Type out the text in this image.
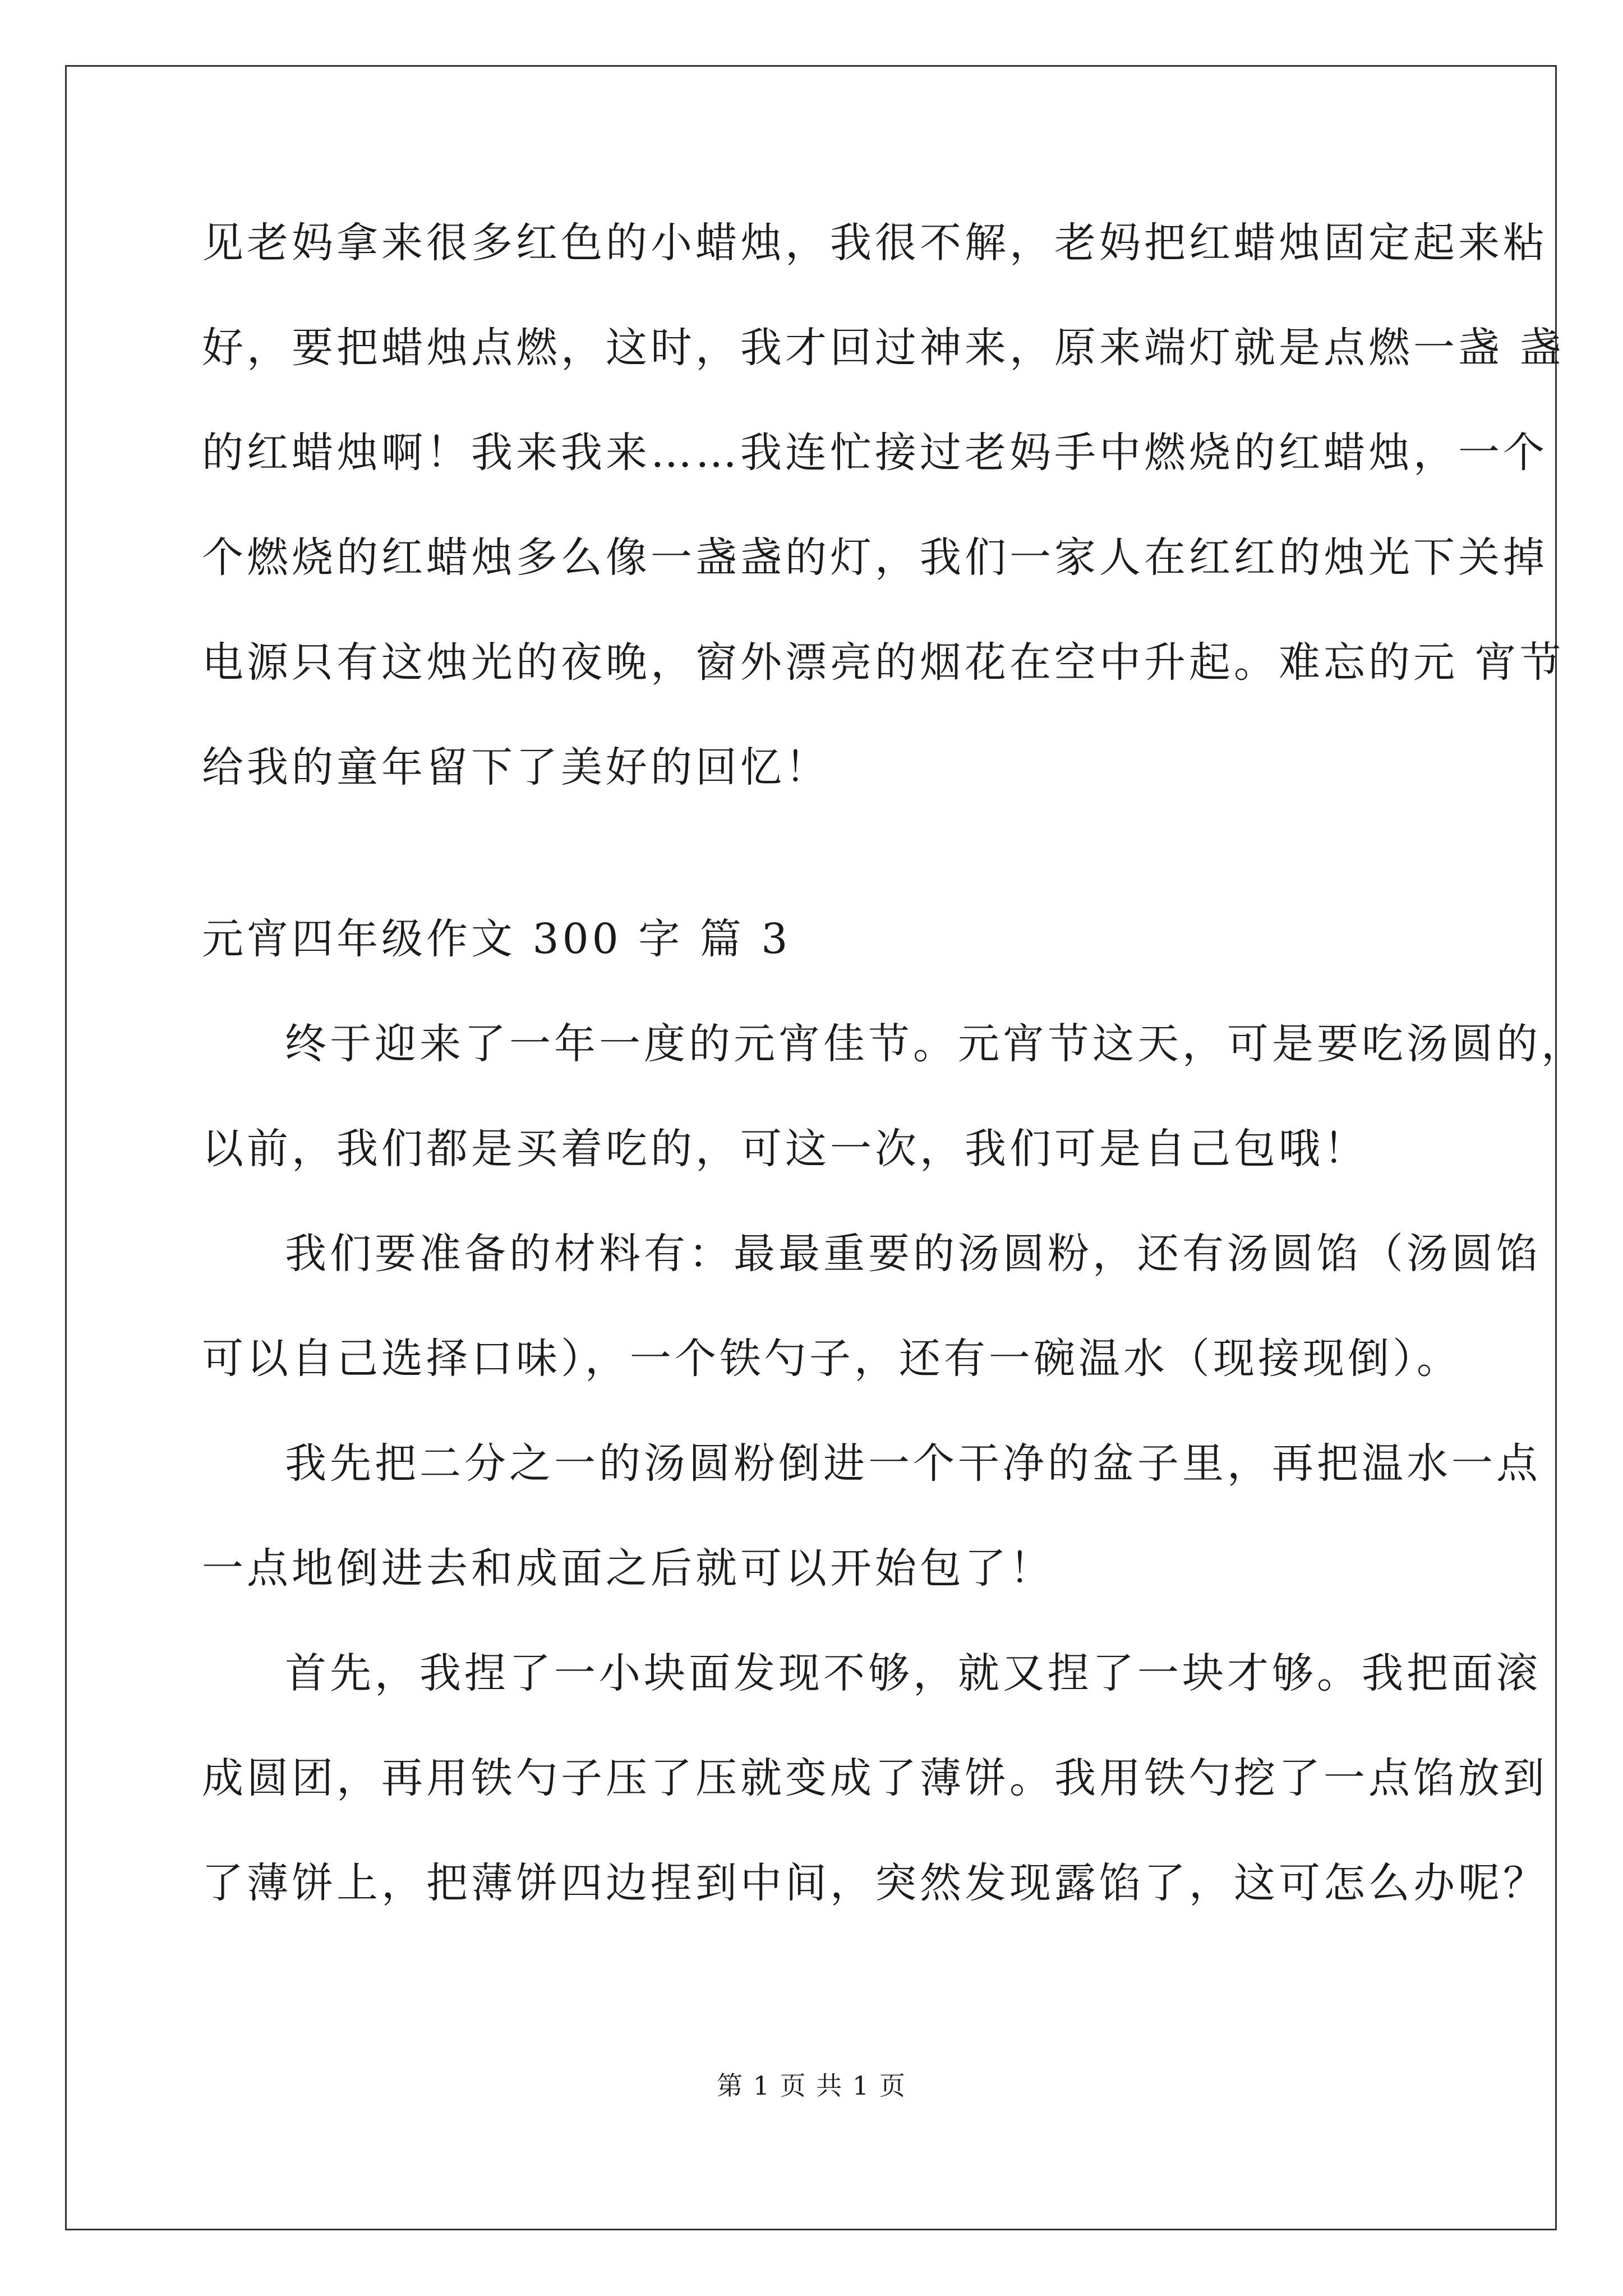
见老妈拿来很多红色的小蜡烛，我很不解，老妈把红蜡烛固定起来粘
好，要把蜡烛点燃，这时，我才回过神来，原来端灯就是点燃一盏 盏
的红蜡烛啊！我来我来……我连忙接过老妈手中燃烧的红蜡烛，一个
个燃烧的红蜡烛多么像一盏盏的灯，我们一家人在红红的烛光下关掉
电源只有这烛光的夜晚，窗外漂亮的烟花在空中升起。难忘的元 宵节
给我的童年留下了美好的回忆！
元宵四年级作文 300 字 篇 3
终于迎来了一年一度的元宵佳节。元宵节这天，可是要吃汤圆的，
以前，我们都是买着吃的，可这一次，我们可是自己包哦！
我们要准备的材料有：最最重要的汤圆粉，还有汤圆馅（汤圆馅
可以自己选择口味），一个铁勺子，还有一碗温水（现接现倒）。
我先把二分之一的汤圆粉倒进一个干净的盆子里，再把温水一点
一点地倒进去和成面之后就可以开始包了！
首先，我捏了一小块面发现不够，就又捏了一块才够。我把面滚
成圆团，再用铁勺子压了压就变成了薄饼。我用铁勺挖了一点馅放到
了薄饼上，把薄饼四边捏到中间，突然发现露馅了，这可怎么办呢？
第 1 页 共 1 页
